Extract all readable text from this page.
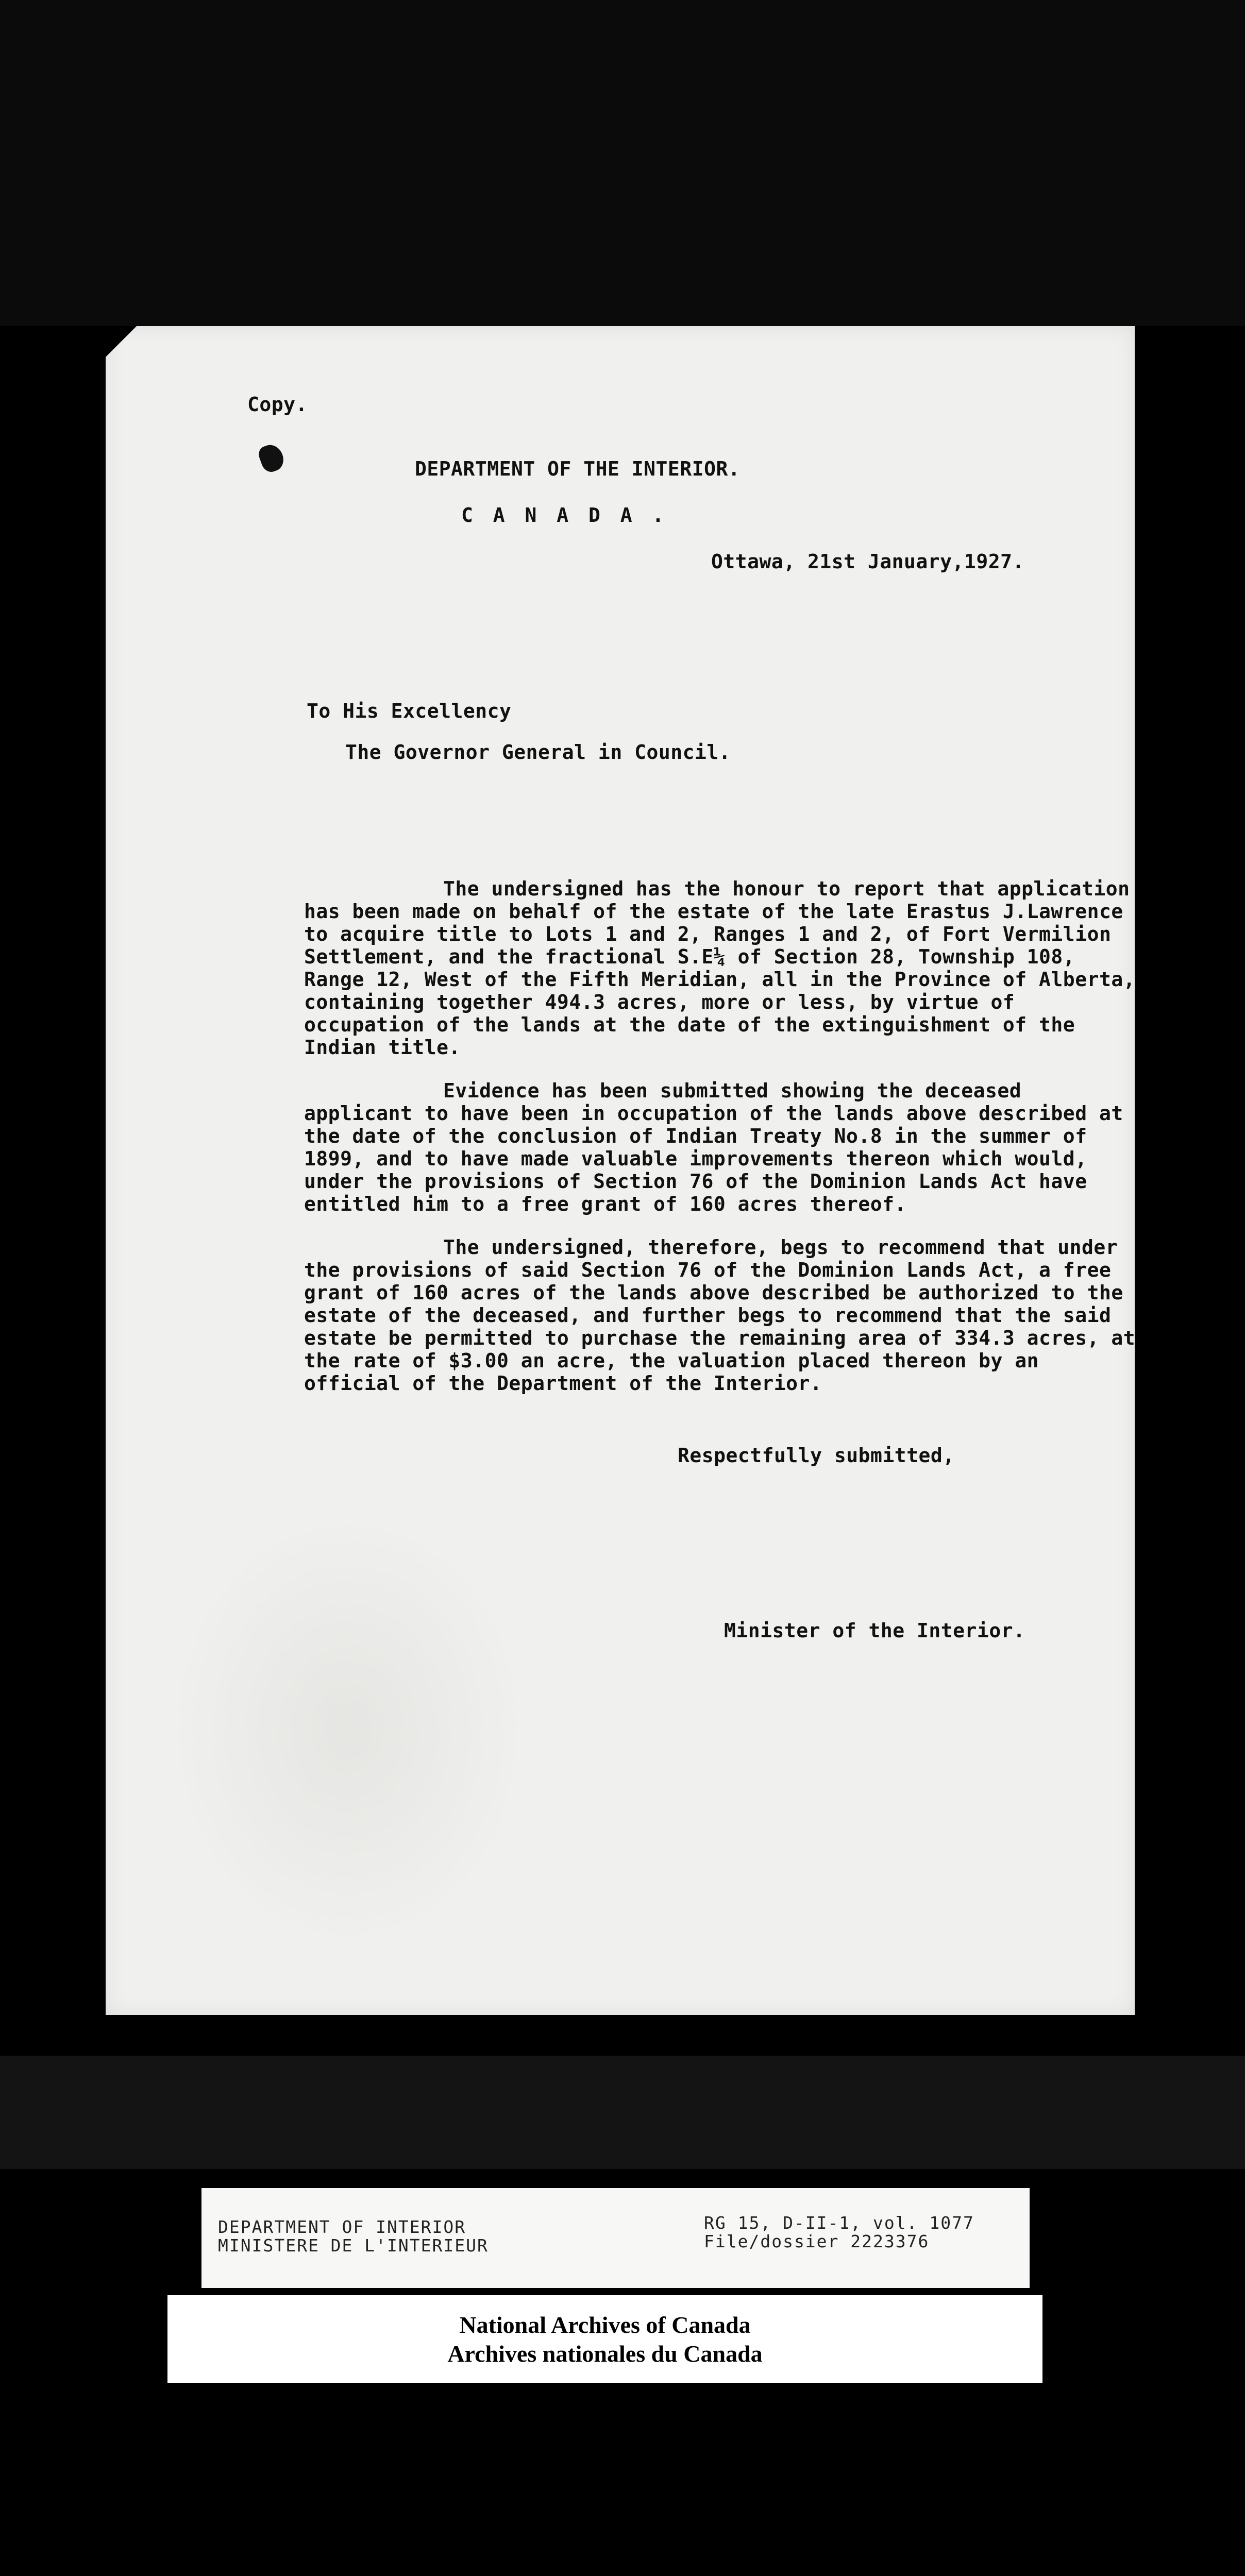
Copy.

DEPARTMENT OF THE INTERIOR.

C A N A D A .

Ottawa, 21st January,1927.

To His Excellency

The Governor General in Council.

The undersigned has the honour to report that application has been made on behalf of the estate of the late Erastus J.Lawrence to acquire title to Lots 1 and 2, Ranges 1 and 2, of Fort Vermilion Settlement, and the fractional S.E¼ of Section 28, Township 108, Range 12, West of the Fifth Meridian, all in the Province of Alberta, containing together 494.3 acres, more or less, by virtue of occupation of the lands at the date of the extinguishment of the Indian title.

Evidence has been submitted showing the deceased applicant to have been in occupation of the lands above described at the date of the conclusion of Indian Treaty No.8 in the summer of 1899, and to have made valuable improvements thereon which would, under the provisions of Section 76 of the Dominion Lands Act have entitled him to a free grant of 160 acres thereof.

The undersigned, therefore, begs to recommend that under the provisions of said Section 76 of the Dominion Lands Act, a free grant of 160 acres of the lands above described be authorized to the estate of the deceased, and further begs to recommend that the said estate be permitted to purchase the remaining area of 334.3 acres, at the rate of $3.00 an acre, the valuation placed thereon by an official of the Department of the Interior.

Respectfully submitted,

Minister of the Interior.

DEPARTMENT OF INTERIOR

MINISTERE DE L'INTERIEUR

RG 15, D-II-1, vol. 1077

File/dossier 2223376

National Archives of Canada
Archives nationales du Canada
